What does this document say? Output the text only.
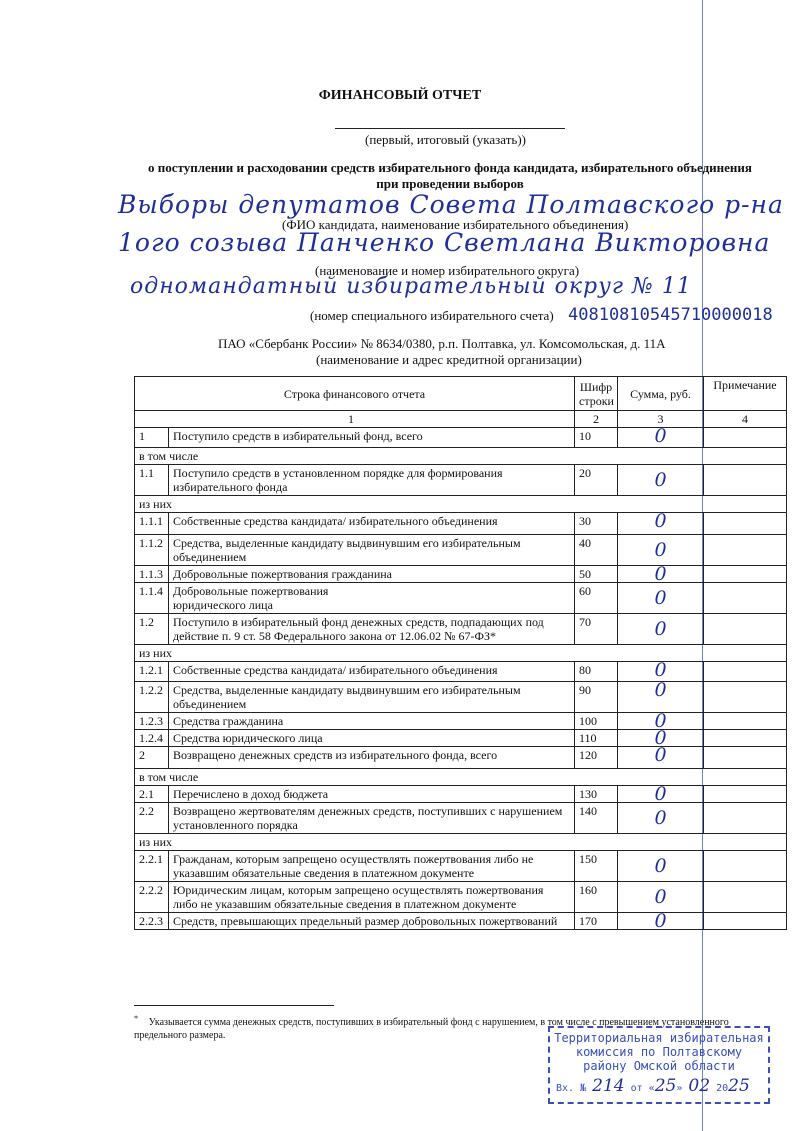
ФИНАНСОВЫЙ ОТЧЕТ
(первый, итоговый (указать))
о поступлении и расходовании средств избирательного фонда кандидата, избирательного объединения
при проведении выборов
Выборы депутатов Совета Полтавского р-на
(ФИО кандидата, наименование избирательного объединения)
1ого созыва Панченко Светлана Викторовна
(наименование и номер избирательного округа)
одномандатный избирательный округ № 11
(номер специального избирательного счета) 40810810545710000018
ПАО «Сбербанк России» № 8634/0380, р.п. Полтавка, ул. Комсомольская, д. 11А
(наименование и адрес кредитной организации)
Строка финансового отчета		Шифр строки	Сумма, руб.	Примечание
1		2	3	4
1	Поступило средств в избирательный фонд, всего	10	0	
в том числе				
1.1	Поступило средств в установленном порядке для формирования избирательного фонда	20	0	
из них				
1.1.1	Собственные средства кандидата/ избирательного объединения	30	0	
1.1.2	Средства, выделенные кандидату выдвинувшим его избирательным объединением	40	0	
1.1.3	Добровольные пожертвования гражданина	50	0	
1.1.4	Добровольные пожертвования юридического лица	60	0	
1.2	Поступило в избирательный фонд денежных средств, подпадающих под действие п. 9 ст. 58 Федерального закона от 12.06.02 № 67-ФЗ*	70	0	
из них				
1.2.1	Собственные средства кандидата/ избирательного объединения	80	0	
1.2.2	Средства, выделенные кандидату выдвинувшим его избирательным объединением	90	0	
1.2.3	Средства гражданина	100	0	
1.2.4	Средства юридического лица	110	0	
2	Возвращено денежных средств из избирательного фонда, всего	120	0	
в том числе				
2.1	Перечислено в доход бюджета	130	0	
2.2	Возвращено жертвователям денежных средств, поступивших с нарушением установленного порядка	140	0	
из них				
2.2.1	Гражданам, которым запрещено осуществлять пожертвования либо не указавшим обязательные сведения в платежном документе	150	0	
2.2.2	Юридическим лицам, которым запрещено осуществлять пожертвования либо не указавшим обязательные сведения в платежном документе	160	0	
2.2.3	Средств, превышающих предельный размер добровольных пожертвований	170	0	
* Указывается сумма денежных средств, поступивших в избирательный фонд с нарушением, в том числе с превышением установленного предельного размера.	Территориальная избирательная
комиссия по Полтавскому
району Омской области
Вх. № 214 от «25» 02 2025
